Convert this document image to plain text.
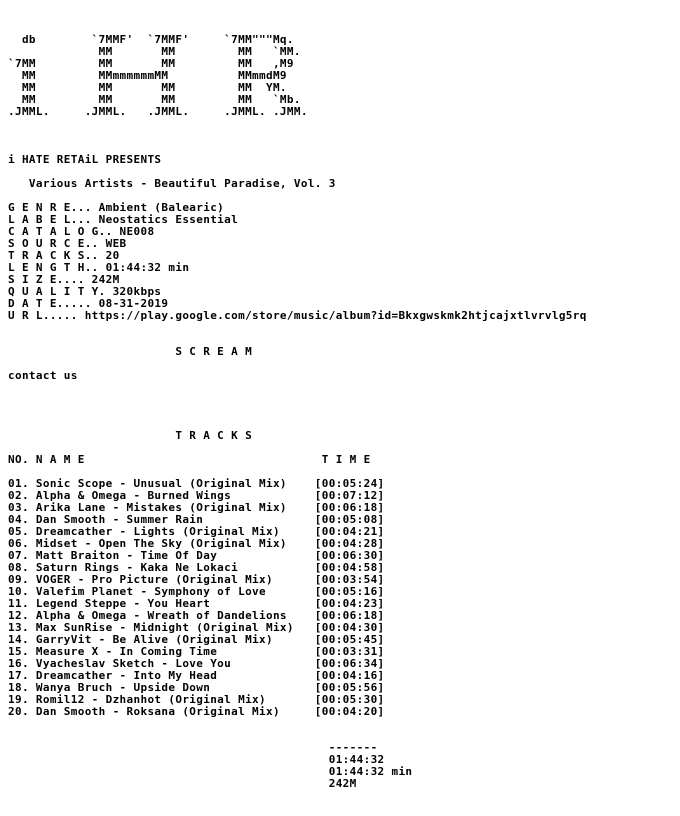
db        `7MMF'  `7MMF'     `7MM"""Mq.
MM       MM         MM   `MM.
`7MM         MM       MM         MM   ,M9
MM         MMmmmmmmMM          MMmmdM9
MM         MM       MM         MM  YM.
MM         MM       MM         MM   `Mb.
.JMML.     .JMML.   .JMML.     .JMML. .JMM.
i HATE RETAiL PRESENTS
Various Artists - Beautiful Paradise, Vol. 3
G E N R E... Ambient (Balearic)
L A B E L... Neostatics Essential
C A T A L O G.. NE008
S O U R C E.. WEB
T R A C K S.. 20
L E N G T H.. 01:44:32 min
S I Z E.... 242M
Q U A L I T Y. 320kbps
D A T E..... 08-31-2019
U R L..... https://play.google.com/store/music/album?id=Bkxgwskmk2htjcajxtlvrvlg5rq
S C R E A M
contact us
T R A C K S
NO. N A M E                                  T I M E
01. Sonic Scope - Unusual (Original Mix)    [00:05:24]
02. Alpha & Omega - Burned Wings            [00:07:12]
03. Arika Lane - Mistakes (Original Mix)    [00:06:18]
04. Dan Smooth - Summer Rain                [00:05:08]
05. Dreamcather - Lights (Original Mix)     [00:04:21]
06. Midset - Open The Sky (Original Mix)    [00:04:28]
07. Matt Braiton - Time Of Day              [00:06:30]
08. Saturn Rings - Kaka Ne Lokaci           [00:04:58]
09. VOGER - Pro Picture (Original Mix)      [00:03:54]
10. Valefim Planet - Symphony of Love       [00:05:16]
11. Legend Steppe - You Heart               [00:04:23]
12. Alpha & Omega - Wreath of Dandelions    [00:06:18]
13. Max SunRise - Midnight (Original Mix)   [00:04:30]
14. GarryVit - Be Alive (Original Mix)      [00:05:45]
15. Measure X - In Coming Time              [00:03:31]
16. Vyacheslav Sketch - Love You            [00:06:34]
17. Dreamcather - Into My Head              [00:04:16]
18. Wanya Bruch - Upside Down               [00:05:56]
19. Romil12 - Dzhanhot (Original Mix)       [00:05:30]
20. Dan Smooth - Roksana (Original Mix)     [00:04:20]
-------
01:44:32
01:44:32 min
242M
